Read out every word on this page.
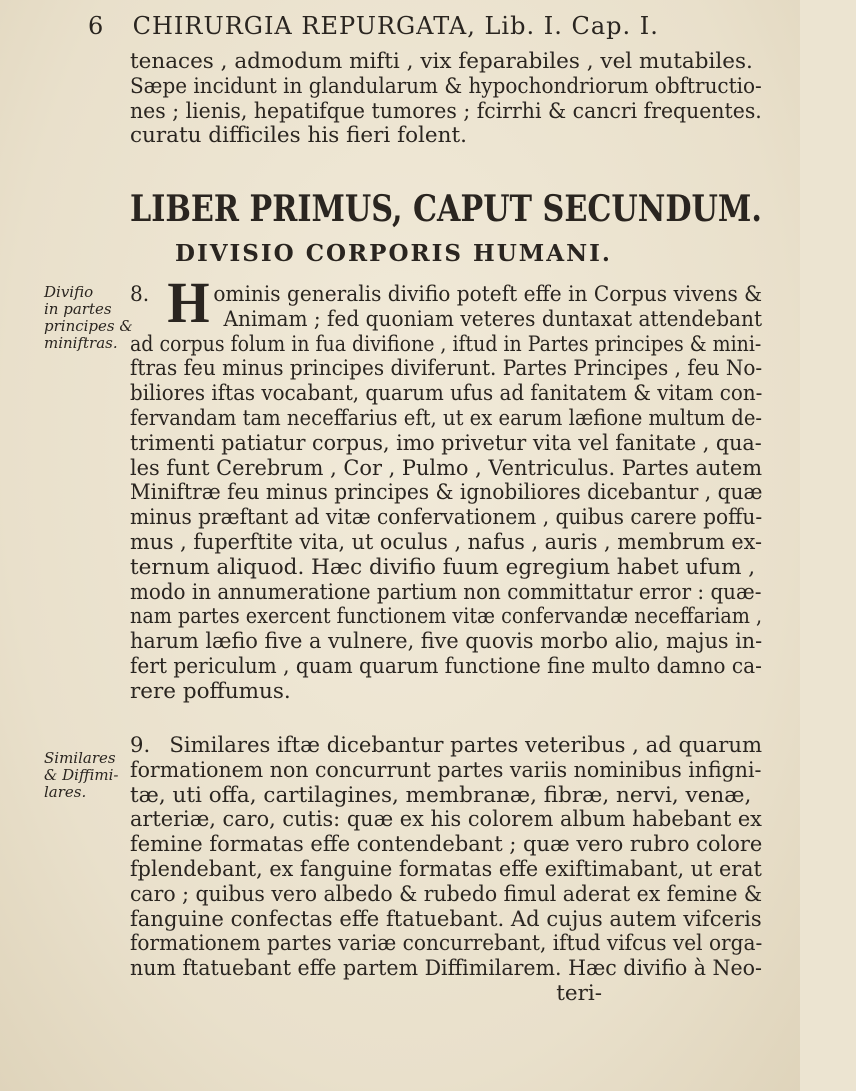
6 CHIRURGIA REPURGATA, Lib. I. Cap. I.
tenaces , admodum mifti , vix feparabiles , vel mutabiles.
Sæpe incidunt in glandularum & hypochondriorum obftructio-
nes ; lienis, hepatifque tumores ; fcirrhi & cancri frequentes.
curatu difficiles his fieri folent.
LIBER PRIMUS, CAPUT SECUNDUM.
DIVISIO CORPORIS HUMANI.
Divifio
in partes
principes &
miniftras.
8. H ominis generalis divifio poteft effe in Corpus vivens &
Animam ; fed quoniam veteres duntaxat attendebant
ad corpus folum in fua divifione , iftud in Partes principes & mini-
ftras feu minus principes diviferunt. Partes Principes , feu No-
biliores iftas vocabant, quarum ufus ad fanitatem & vitam con-
fervandam tam neceffarius eft, ut ex earum læfione multum de-
trimenti patiatur corpus, imo privetur vita vel fanitate , qua-
les funt Cerebrum , Cor , Pulmo , Ventriculus. Partes autem
Miniftræ feu minus principes & ignobiliores dicebantur , quæ
minus præftant ad vitæ confervationem , quibus carere poffu-
mus , fuperftite vita, ut oculus , nafus , auris , membrum ex-
ternum aliquod. Hæc divifio fuum egregium habet ufum ,
modo in annumeratione partium non committatur error : quæ-
nam partes exercent functionem vitæ confervandæ neceffariam ,
harum læfio five a vulnere, five quovis morbo alio, majus in-
fert periculum , quam quarum functione fine multo damno ca-
rere poffumus.
Similares
& Diffimi-
lares.
9. Similares iftæ dicebantur partes veteribus , ad quarum
formationem non concurrunt partes variis nominibus infigni-
tæ, uti offa, cartilagines, membranæ, fibræ, nervi, venæ,
arteriæ, caro, cutis: quæ ex his colorem album habebant ex
femine formatas effe contendebant ; quæ vero rubro colore
fplendebant, ex fanguine formatas effe exiftimabant, ut erat
caro ; quibus vero albedo & rubedo fimul aderat ex femine &
fanguine confectas effe ftatuebant. Ad cujus autem vifceris
formationem partes variæ concurrebant, iftud vifcus vel orga-
num ftatuebant effe partem Diffimilarem. Hæc divifio à Neo-
teri-
